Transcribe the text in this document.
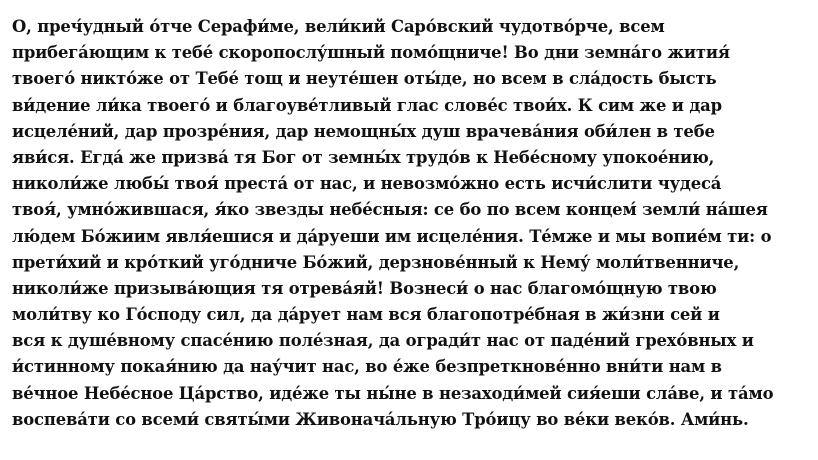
О, преч́удный о́тче Серафи́ме, вели́кий Саро́вский чудотво́рче, всем
прибега́ющим к тебе́ скоропослу́шный помо́щниче! Во дни земна́го жития́
твоего́ никто́же от Тебе́ тощ и неуте́шен оты́де, но всем в сла́дость бысть
ви́дение ли́ка твоего́ и благоуве́тливый глас слове́с твои́х. К сим же и дар
исцеле́ний, дар прозре́ния, дар немощны́х душ врачева́ния оби́лен в тебе
яви́ся. Егда́ же призва́ тя Бог от земны́х трудо́в к Небе́сному упокое́нию,
николи́же любы́ твоя́ преста́ от нас, и невозмо́жно есть исчи́слити чудеса́
твоя́, умно́жившася, я́ко звезды небе́сныя: се бо по всем концем́ земли́ на́шея
лю́дем Бо́жиим явля́ешися и да́руеши им исцеле́ния. Те́мже и мы вопие́м ти: о
прети́хий и кро́ткий уго́дниче Бо́жий, дерзнове́нный к Нему́ моли́твенниче,
николи́же призыва́ющия тя отрева́яй! Вознеси́ о нас благомо́щную твою
моли́тву ко Го́споду сил, да да́рует нам вся благопотре́бная в жи́зни сей и
вся к душе́вному спасе́нию поле́зная, да огради́т нас от паде́ний грехо́вных и
и́стинному покая́нию да нау́чит нас, во е́же безпреткнове́нно вни́ти нам в
ве́чное Небе́сное Ца́рство, иде́же ты ны́не в незаходи́мей сия́еши сла́ве, и та́мо
воспева́ти со всеми́ святы́ми Живонача́льную Тро́ицу во ве́ки веко́в. Ами́нь.
